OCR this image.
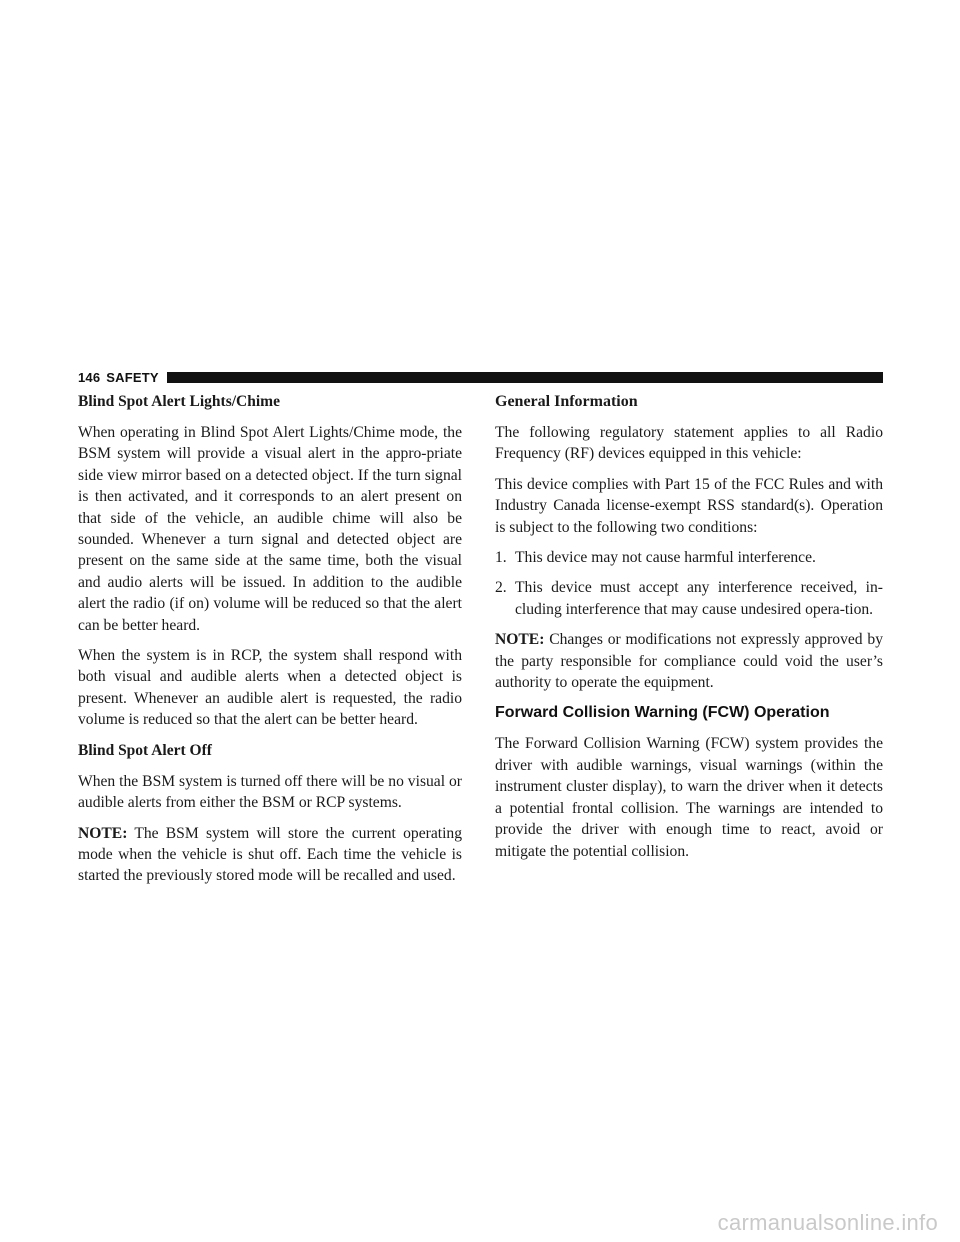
146 SAFETY
Blind Spot Alert Lights/Chime

When operating in Blind Spot Alert Lights/Chime mode, the BSM system will provide a visual alert in the appro-priate side view mirror based on a detected object. If the turn signal is then activated, and it corresponds to an alert present on that side of the vehicle, an audible chime will also be sounded. Whenever a turn signal and detected object are present on the same side at the same time, both the visual and audio alerts will be issued. In addition to the audible alert the radio (if on) volume will be reduced so that the alert can be better heard.

When the system is in RCP, the system shall respond with both visual and audible alerts when a detected object is present. Whenever an audible alert is requested, the radio volume is reduced so that the alert can be better heard.

Blind Spot Alert Off

When the BSM system is turned off there will be no visual or audible alerts from either the BSM or RCP systems.

NOTE: The BSM system will store the current operating mode when the vehicle is shut off. Each time the vehicle is started the previously stored mode will be recalled and used.

General Information

The following regulatory statement applies to all Radio Frequency (RF) devices equipped in this vehicle:

This device complies with Part 15 of the FCC Rules and with Industry Canada license-exempt RSS standard(s). Operation is subject to the following two conditions:

1. This device may not cause harmful interference.
2. This device must accept any interference received, in-cluding interference that may cause undesired opera-tion.

NOTE: Changes or modifications not expressly approved by the party responsible for compliance could void the user’s authority to operate the equipment.

Forward Collision Warning (FCW) Operation

The Forward Collision Warning (FCW) system provides the driver with audible warnings, visual warnings (within the instrument cluster display), to warn the driver when it detects a potential frontal collision. The warnings are intended to provide the driver with enough time to react, avoid or mitigate the potential collision.

carmanualsonline.info
